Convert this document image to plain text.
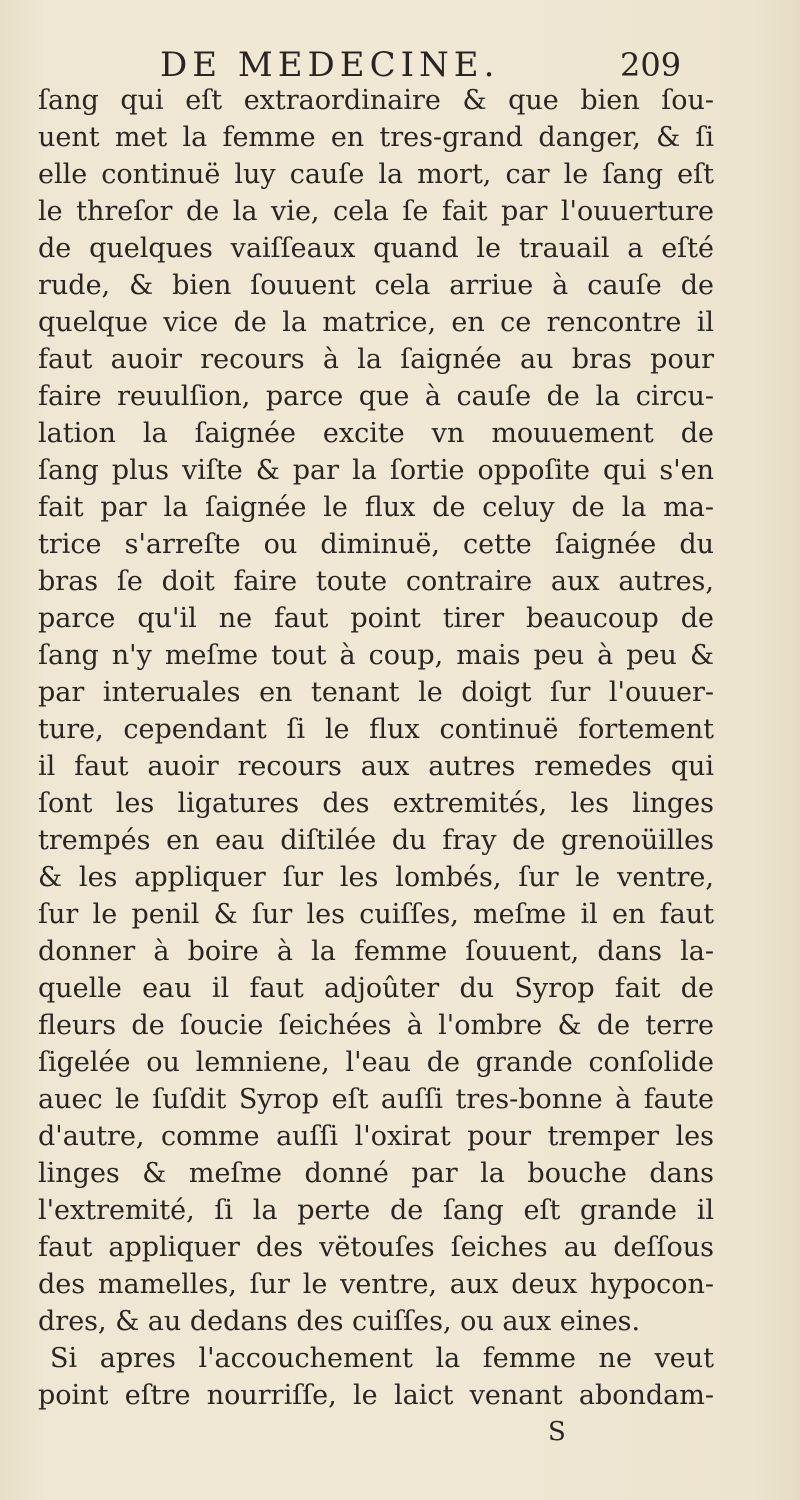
DE MEDECINE.	209
ſang qui eſt extraordinaire & que bien ſou-
uent met la femme en tres-grand danger, & ſi
elle continuë luy cauſe la mort, car le ſang eſt
le threſor de la vie, cela ſe fait par l'ouuerture
de quelques vaiſſeaux quand le trauail a eſté
rude, & bien ſouuent cela arriue à cauſe de
quelque vice de la matrice, en ce rencontre il
faut auoir recours à la ſaignée au bras pour
faire reuulſion, parce que à cauſe de la circu-
lation la ſaignée excite vn mouuement de
ſang plus viſte & par la ſortie oppoſite qui s'en
fait par la ſaignée le flux de celuy de la ma-
trice s'arreſte ou diminuë, cette ſaignée du
bras ſe doit faire toute contraire aux autres,
parce qu'il ne faut point tirer beaucoup de
ſang n'y meſme tout à coup, mais peu à peu &
par interuales en tenant le doigt ſur l'ouuer-
ture, cependant ſi le flux continuë fortement
il faut auoir recours aux autres remedes qui
ſont les ligatures des extremités, les linges
trempés en eau diſtilée du fray de grenoüilles
& les appliquer ſur les lombés, ſur le ventre,
ſur le penil & ſur les cuiſſes, meſme il en faut
donner à boire à la femme ſouuent, dans la-
quelle eau il faut adjoûter du Syrop fait de
fleurs de ſoucie ſeichées à l'ombre & de terre
ſigelée ou lemniene, l'eau de grande conſolide
auec le ſuſdit Syrop eſt auſſi tres-bonne à faute
d'autre, comme auſſi l'oxirat pour tremper les
linges & meſme donné par la bouche dans
l'extremité, ſi la perte de ſang eſt grande il
faut appliquer des vëtouſes ſeiches au deſſous
des mamelles, ſur le ventre, aux deux hypocon-
dres, & au dedans des cuiſſes, ou aux eines.
Si apres l'accouchement la femme ne veut
point eſtre nourriſſe, le laict venant abondam-
S
